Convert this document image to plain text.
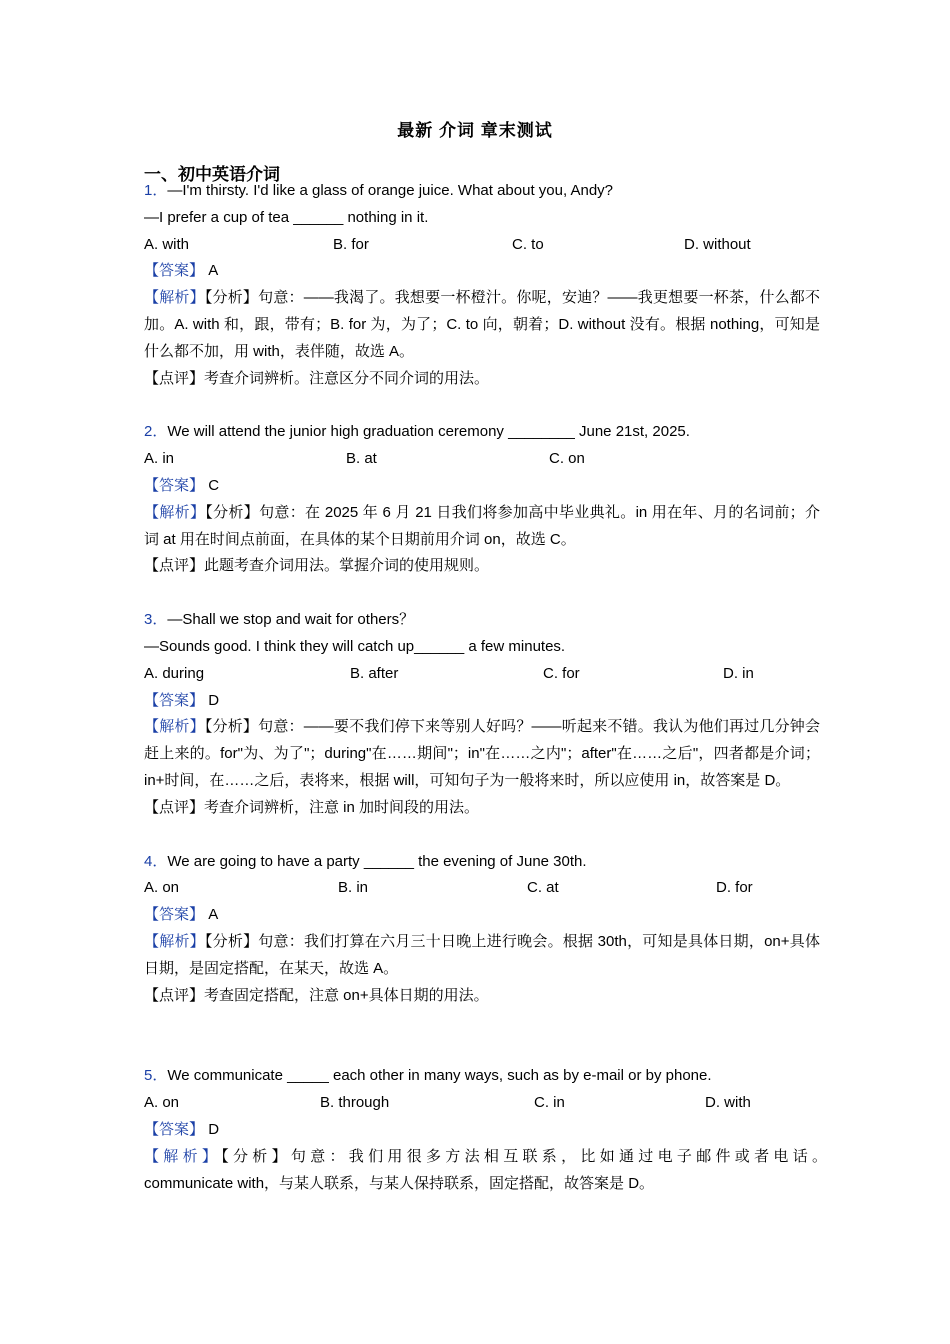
最新 介词 章末测试
一、初中英语介词
1．—I'm thirsty. I'd like a glass of orange juice. What about you, Andy?
—I prefer a cup of tea ______ nothing in it.
A. with	B. for	C. to	D. without
【答案】 A
【解析】【分析】句意：——我渴了。我想要一杯橙汁。你呢，安迪？——我更想要一杯茶，什么都不加。A. with 和，跟，带有；B. for 为，为了；C. to 向，朝着；D. without 没有。根据 nothing，可知是什么都不加，用 with，表伴随，故选 A。
【点评】考查介词辨析。注意区分不同介词的用法。
2．We will attend the junior high graduation ceremony ________ June 21st, 2025.
A. in	B. at	C. on
【答案】 C
【解析】【分析】句意：在 2025 年 6 月 21 日我们将参加高中毕业典礼。in 用在年、月的名词前；介词 at 用在时间点前面，在具体的某个日期前用介词 on，故选 C。
【点评】此题考查介词用法。掌握介词的使用规则。
3．—Shall we stop and wait for others？
—Sounds good. I think they will catch up______ a few minutes.
A. during	B. after	C. for	D. in
【答案】 D
【解析】【分析】句意：——要不我们停下来等别人好吗？——听起来不错。我认为他们再过几分钟会赶上来的。for"为、为了"；during"在……期间"；in"在……之内"；after"在……之后"，四者都是介词；in+时间，在……之后，表将来，根据 will，可知句子为一般将来时，所以应使用 in，故答案是 D。
【点评】考查介词辨析，注意 in 加时间段的用法。
4．We are going to have a party ______ the evening of June 30th.
A. on	B. in	C. at	D. for
【答案】 A
【解析】【分析】句意：我们打算在六月三十日晚上进行晚会。根据 30th，可知是具体日期，on+具体日期，是固定搭配，在某天，故选 A。
【点评】考查固定搭配，注意 on+具体日期的用法。
5．We communicate _____ each other in many ways, such as by e-mail or by phone.
A. on	B. through	C. in	D. with
【答案】 D
【解析】【分析】句意：我们用很多方法相互联系，比如通过电子邮件或者电话。
communicate with，与某人联系，与某人保持联系，固定搭配，故答案是 D。
